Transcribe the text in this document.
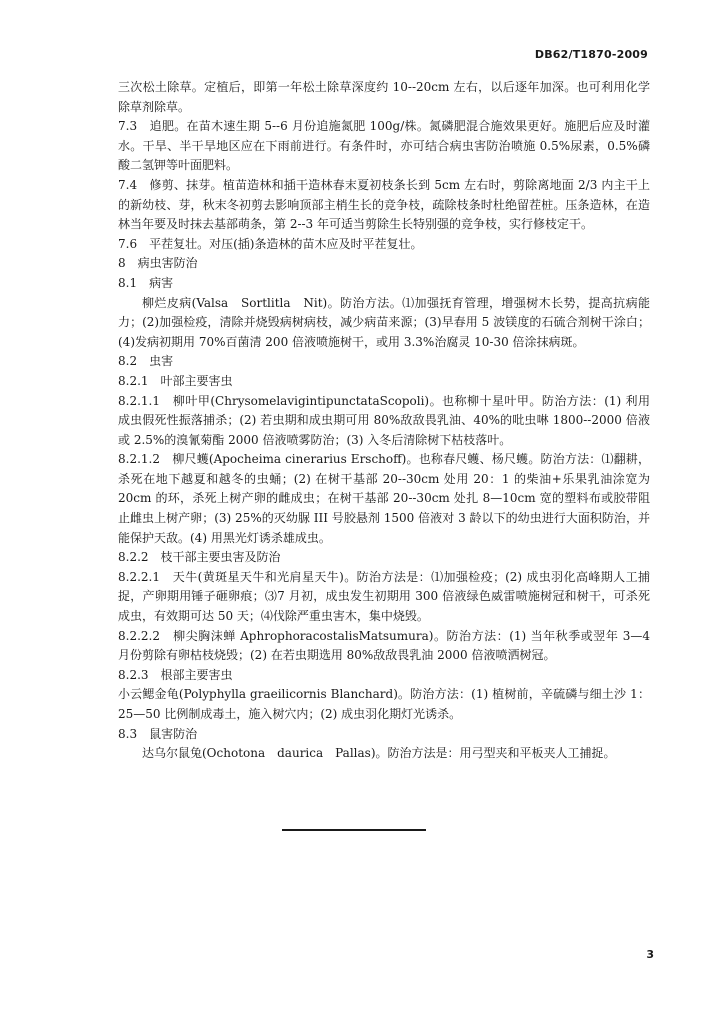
DB62/T1870-2009

三次松土除草。定植后，即第一年松土除草深度约 10--20cm 左右，以后逐年加深。也可利用化学除草剂除草。

7.3　追肥。在苗木速生期 5--6 月份追施氮肥 100g/株。氮磷肥混合施效果更好。施肥后应及时灌水。干旱、半干旱地区应在下雨前进行。有条件时，亦可结合病虫害防治喷施 0.5%尿素，0.5%磷酸二氢钾等叶面肥料。

7.4　修剪、抹芽。植苗造林和插干造林春末夏初枝条长到 5cm 左右时，剪除离地面 2/3 内主干上的新幼枝、芽，秋末冬初剪去影响顶部主梢生长的竞争枝，疏除枝条时杜绝留茬桩。压条造林，在造林当年要及时抹去基部萌条，第 2--3 年可适当剪除生长特别强的竞争枝，实行修枝定干。

7.6　平茬复壮。对压(插)条造林的苗木应及时平茬复壮。

8　病虫害防治

8.1　病害

柳烂皮病(Valsa　Sortlitla　Nit)。防治方法。⑴加强抚育管理，增强树木长势，提高抗病能力；(2)加强检疫，清除并烧毁病树病枝，减少病苗来源；(3)早春用 5 波镁度的石硫合剂树干涂白；(4)发病初期用 70%百菌清 200 倍液喷施树干，或用 3.3%治腐灵 10-30 倍涂抹病斑。

8.2　虫害

8.2.1　叶部主要害虫

8.2.1.1　柳叶甲(ChrysomelavigintipunctataScopoli)。也称柳十星叶甲。防治方法：(1) 利用成虫假死性振落捕杀；(2) 若虫期和成虫期可用 80%敌敌畏乳油、40%的吡虫啉 1800--2000 倍液或 2.5%的溴氰菊酯 2000 倍液喷雾防治；(3) 入冬后清除树下枯枝落叶。

8.2.1.2　柳尺蠖(Apocheima cinerarius Erschoff)。也称春尺蠖、杨尺蠖。防治方法：⑴翻耕，杀死在地下越夏和越冬的虫蛹；(2) 在树干基部 20--30cm 处用 20：1 的柴油+乐果乳油涂宽为 20cm 的环，杀死上树产卵的雌成虫；在树干基部 20--30cm 处扎 8—10cm 宽的塑料布或胶带阻止雌虫上树产卵；(3) 25%的灭幼脲 III 号胶悬剂 1500 倍液对 3 龄以下的幼虫进行大面积防治，并能保护天敌。(4) 用黑光灯诱杀雄成虫。

8.2.2　枝干部主要虫害及防治

8.2.2.1　天牛(黄斑星天牛和光肩星天牛)。防治方法是：⑴加强检疫；(2) 成虫羽化高峰期人工捕捉，产卵期用锤子砸卵痕；⑶7 月初，成虫发生初期用 300 倍液绿色威雷喷施树冠和树干，可杀死成虫，有效期可达 50 天；⑷伐除严重虫害木，集中烧毁。

8.2.2.2　柳尖胸沫蝉 AphrophoracostalisMatsumura)。防治方法：(1) 当年秋季或翌年 3—4 月份剪除有卵枯枝烧毁；(2) 在若虫期选用 80%敌敌畏乳油 2000 倍液喷洒树冠。

8.2.3　根部主要害虫

小云鳃金龟(Polyphylla graeilicornis Blanchard)。防治方法：(1) 植树前，辛硫磷与细土沙 1：25—50 比例制成毒土，施入树穴内；(2) 成虫羽化期灯光诱杀。

8.3　鼠害防治

达乌尔鼠兔(Ochotona　daurica　Pallas)。防治方法是：用弓型夹和平板夹人工捕捉。

3
